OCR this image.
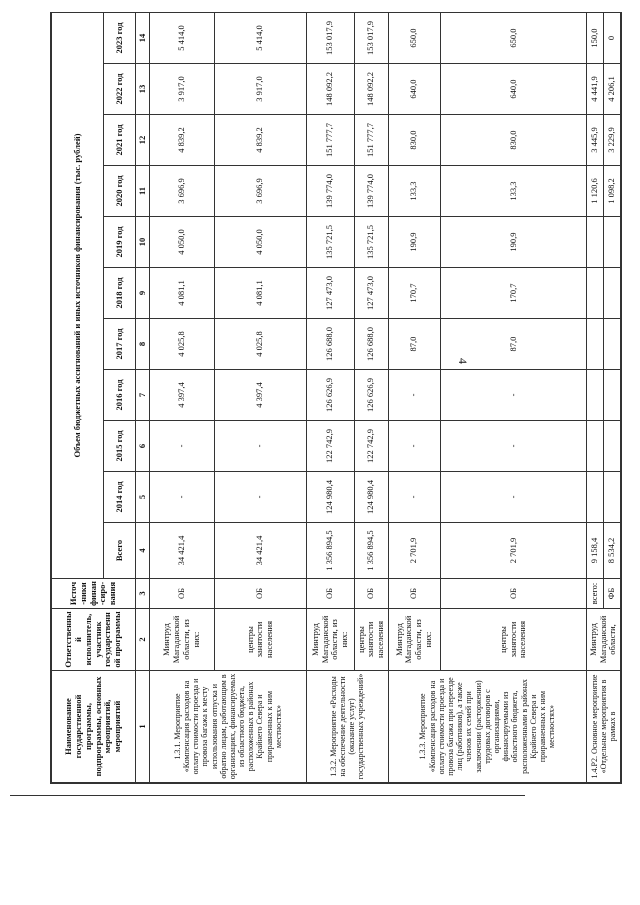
4
Наименование государственной программы, подпрограммы, основных мероприятий, мероприятий	Ответственный исполнитель, участник государственной программы	Источ-ники финан-сиро-вания	Объем бюджетных ассигнований и иных источников финансирования (тыс. рублей)										
			Всего	2014 год	2015 год	2016 год	2017 год	2018 год	2019 год	2020 год	2021 год	2022 год	2023 год
1	2	3	4	5	6	7	8	9	10	11	12	13	14
1.3.1. Мероприятие «Компенсация расходов на оплату стоимости проезда и провоза багажа к месту использования отпуска и обратно лицам, работающим в организациях, финансируемых из областного бюджета, расположенных в районах Крайнего Севера и приравненных к ним местностях»	Минтруд Магаданской области, из них:	ОБ	34 421,4	-	-	4 397,4	4 025,8	4 081,1	4 050,0	3 696,9	4 839,2	3 917,0	5 414,0
	центры занятости населения	ОБ	34 421,4	-	-	4 397,4	4 025,8	4 081,1	4 050,0	3 696,9	4 839,2	3 917,0	5 414,0
1.3.2. Мероприятие «Расходы на обеспечение деятельности (оказание услуг) государственных учреждений»	Минтруд Магаданской области, из них:	ОБ	1 356 894,5	124 980,4	122 742,9	126 626,9	126 688,0	127 473,0	135 721,5	139 774,0	151 777,7	148 092,2	153 017,9
	центры занятости населения	ОБ	1 356 894,5	124 980,4	122 742,9	126 626,9	126 688,0	127 473,0	135 721,5	139 774,0	151 777,7	148 092,2	153 017,9
1.3.3. Мероприятие «Компенсация расходов на оплату стоимости проезда и провоза багажа при переезде лиц (работников), а также членов их семей при заключении (расторжении) трудовых договоров с организациями, финансируемыми из областного бюджета, расположенными в районах Крайнего Севера и приравненных к ним местностях»	Минтруд Магаданской области, из них:	ОБ	2 701,9	-	-	-	87,0	170,7	190,9	133,3	830,0	640,0	650,0
	центры занятости населения	ОБ	2 701,9	-	-	-	87,0	170,7	190,9	133,3	830,0	640,0	650,0
1.4.Р2. Основное мероприятие «Отдельные мероприятия в рамках в	Минтруд Магаданской области,	всего:	9 158,4							1 120,6	3 445,9	4 441,9	150,0
		ФБ	8 534,2							1 098,2	3 229,9	4 206,1	0
